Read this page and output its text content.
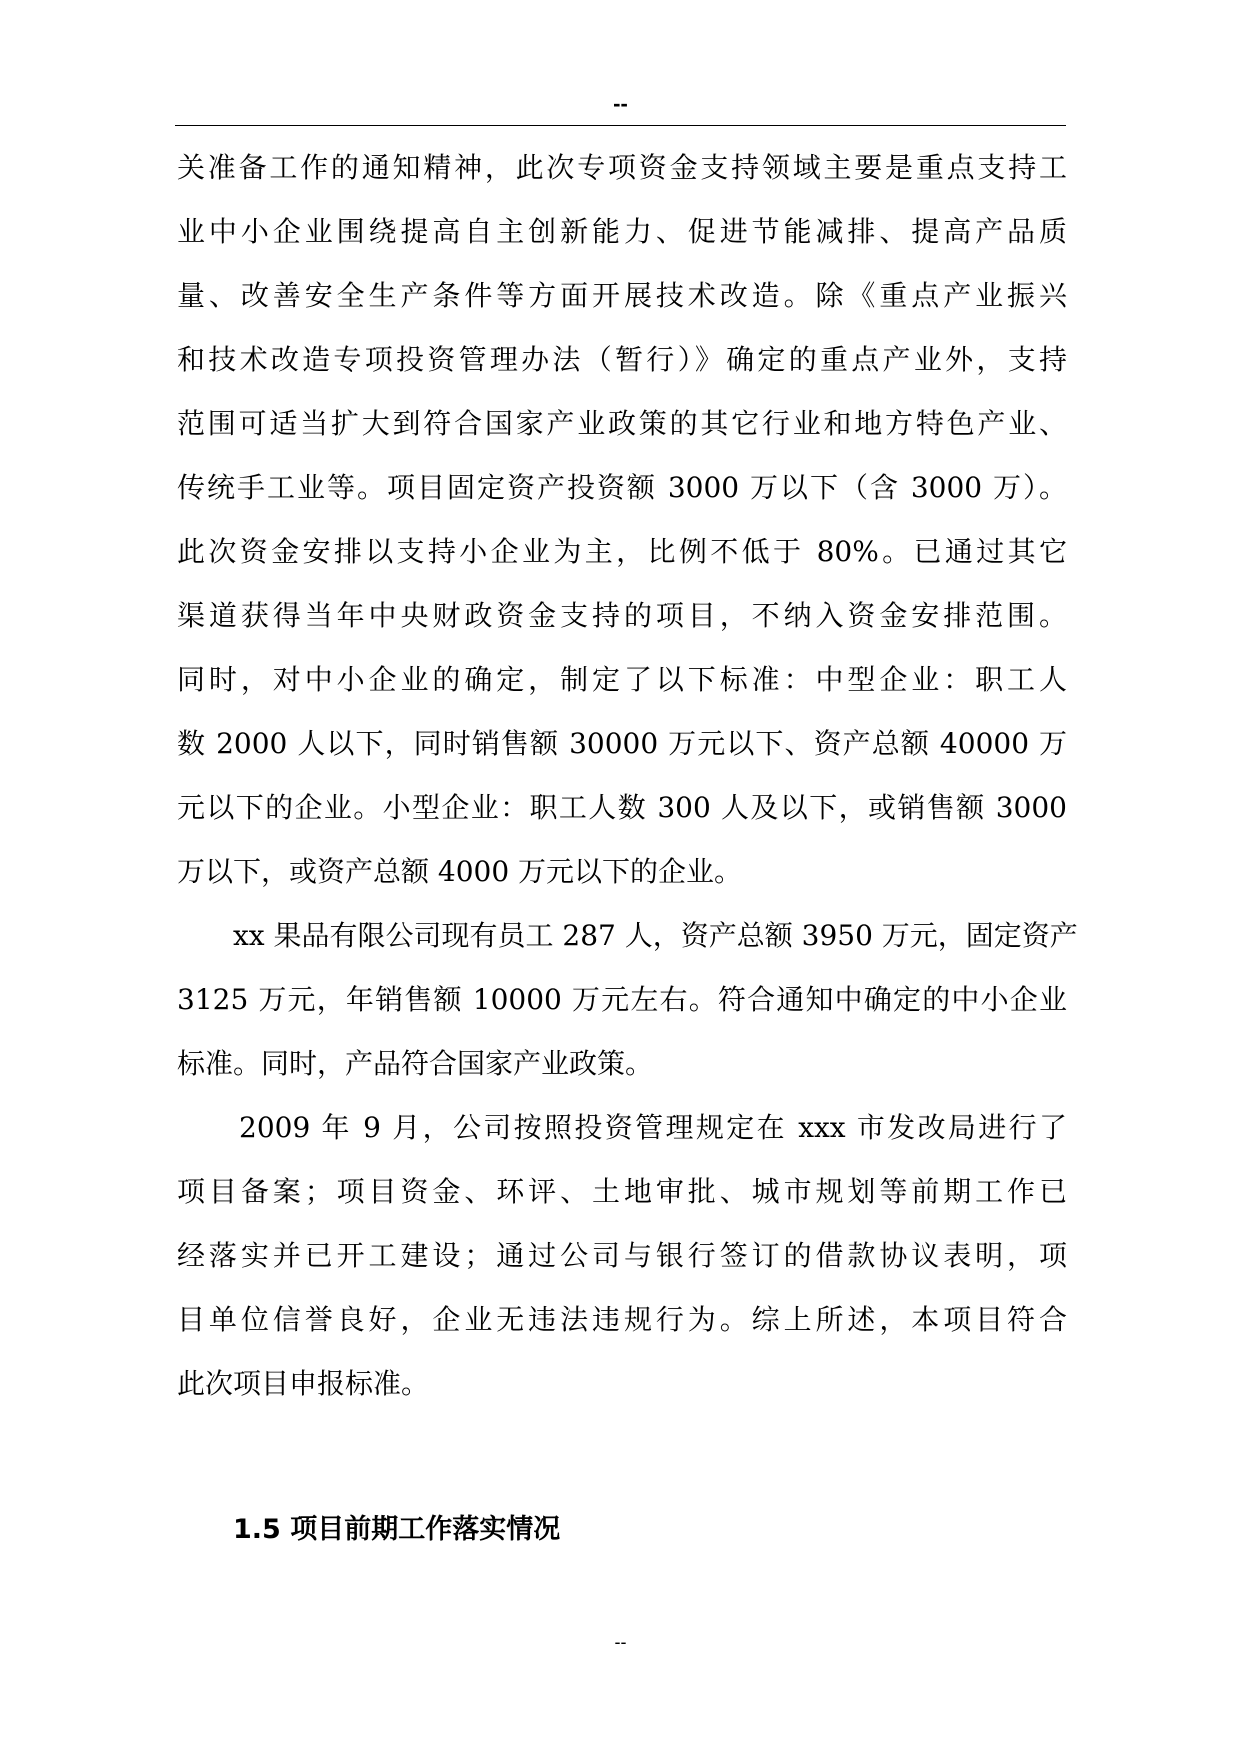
--
关准备工作的通知精神，此次专项资金支持领域主要是重点支持工
业中小企业围绕提高自主创新能力、促进节能减排、提高产品质
量、改善安全生产条件等方面开展技术改造。除《重点产业振兴
和技术改造专项投资管理办法（暂行）》确定的重点产业外，支持
范围可适当扩大到符合国家产业政策的其它行业和地方特色产业、
传统手工业等。项目固定资产投资额 3000 万以下（含 3000 万）。
此次资金安排以支持小企业为主，比例不低于 80%。已通过其它
渠道获得当年中央财政资金支持的项目，不纳入资金安排范围。
同时，对中小企业的确定，制定了以下标准：中型企业：职工人
数 2000 人以下，同时销售额 30000 万元以下、资产总额 40000 万
元以下的企业。小型企业：职工人数 300 人及以下，或销售额 3000
万以下，或资产总额 4000 万元以下的企业。
xx 果品有限公司现有员工 287 人，资产总额 3950 万元，固定资产
3125 万元，年销售额 10000 万元左右。符合通知中确定的中小企业
标准。同时，产品符合国家产业政策。
2009 年 9 月，公司按照投资管理规定在 xxx 市发改局进行了
项目备案；项目资金、环评、土地审批、城市规划等前期工作已
经落实并已开工建设；通过公司与银行签订的借款协议表明，项
目单位信誉良好，企业无违法违规行为。综上所述，本项目符合
此次项目申报标准。
1.5 项目前期工作落实情况
--
